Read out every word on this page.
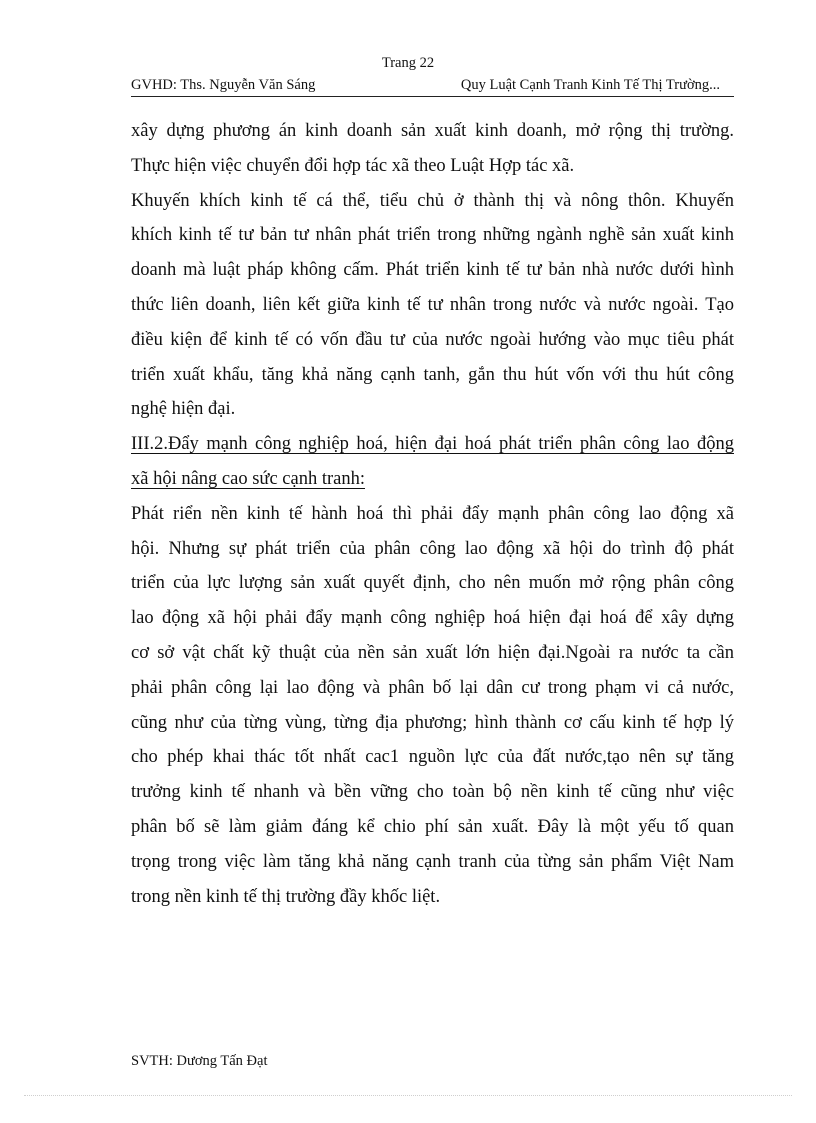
Trang 22
GVHD: Ths. Nguyễn Văn Sáng	Quy Luật Cạnh Tranh Kinh Tế Thị Trường...
xây dựng phương án kinh doanh sản xuất kinh doanh, mở rộng thị trường.
Thực hiện việc chuyển đổi hợp tác xã theo Luật Hợp tác xã.
Khuyến khích kinh tế cá thể, tiểu chủ ở thành thị và nông thôn. Khuyến
khích kinh tế tư bản tư nhân phát triển trong những ngành nghề sản xuất kinh
doanh mà luật pháp không cấm. Phát triển kinh tế tư bản nhà nước dưới hình
thức liên doanh, liên kết giữa kinh tế tư nhân trong nước và nước ngoài. Tạo
điều kiện để kinh tế có vốn đầu tư của nước ngoài hướng vào mục tiêu phát
triển xuất khẩu, tăng khả năng cạnh tanh, gắn thu hút vốn với thu hút công
nghệ hiện đại.
III.2.Đẩy mạnh công nghiệp hoá, hiện đại hoá phát triển phân công lao động
xã hội nâng cao sức cạnh tranh:
Phát riển nền kinh tế hành hoá thì phải đẩy mạnh phân công lao động xã
hội. Nhưng sự phát triển của phân công lao động xã hội do trình độ phát
triển của lực lượng sản xuất quyết định, cho nên muốn mở rộng phân công
lao động xã hội phải đẩy mạnh công nghiệp hoá hiện đại hoá để xây dựng
cơ sở vật chất kỹ thuật của nền sản xuất lớn hiện đại.Ngoài ra nước ta cần
phải phân công lại lao động và phân bố lại dân cư trong phạm vi cả nước,
cũng như của từng vùng, từng địa phương; hình thành cơ cấu kinh tế hợp lý
cho phép khai thác tốt nhất cac1 nguồn lực của đất nước,tạo nên sự tăng
trưởng kinh tế nhanh và bền vững cho toàn bộ nền kinh tế cũng như việc
phân bố sẽ làm giảm đáng kể chio phí sản xuất. Đây là một yếu tố quan
trọng trong việc làm tăng khả năng cạnh tranh của từng sản phẩm Việt Nam
trong nền kinh tế thị trường đầy khốc liệt.
SVTH: Dương Tấn Đạt
